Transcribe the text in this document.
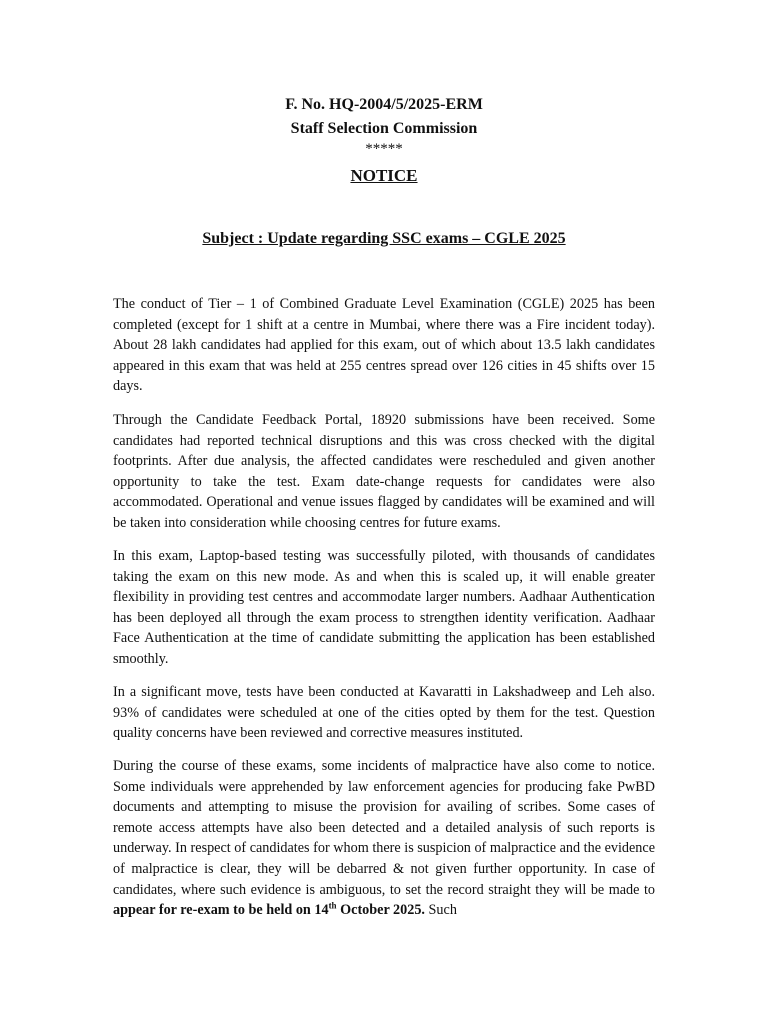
F. No. HQ-2004/5/2025-ERM
Staff Selection Commission
*****
NOTICE
Subject : Update regarding SSC exams – CGLE 2025

The conduct of Tier – 1 of Combined Graduate Level Examination (CGLE) 2025 has been completed (except for 1 shift at a centre in Mumbai, where there was a Fire incident today). About 28 lakh candidates had applied for this exam, out of which about 13.5 lakh candidates appeared in this exam that was held at 255 centres spread over 126 cities in 45 shifts over 15 days.

Through the Candidate Feedback Portal, 18920 submissions have been received. Some candidates had reported technical disruptions and this was cross checked with the digital footprints. After due analysis, the affected candidates were rescheduled and given another opportunity to take the test. Exam date-change requests for candidates were also accommodated. Operational and venue issues flagged by candidates will be examined and will be taken into consideration while choosing centres for future exams.

In this exam, Laptop-based testing was successfully piloted, with thousands of candidates taking the exam on this new mode. As and when this is scaled up, it will enable greater flexibility in providing test centres and accommodate larger numbers. Aadhaar Authentication has been deployed all through the exam process to strengthen identity verification. Aadhaar Face Authentication at the time of candidate submitting the application has been established smoothly.

In a significant move, tests have been conducted at Kavaratti in Lakshadweep and Leh also. 93% of candidates were scheduled at one of the cities opted by them for the test. Question quality concerns have been reviewed and corrective measures instituted.

During the course of these exams, some incidents of malpractice have also come to notice. Some individuals were apprehended by law enforcement agencies for producing fake PwBD documents and attempting to misuse the provision for availing of scribes. Some cases of remote access attempts have also been detected and a detailed analysis of such reports is underway. In respect of candidates for whom there is suspicion of malpractice and the evidence of malpractice is clear, they will be debarred & not given further opportunity. In case of candidates, where such evidence is ambiguous, to set the record straight they will be made to appear for re-exam to be held on 14th October 2025. Such
